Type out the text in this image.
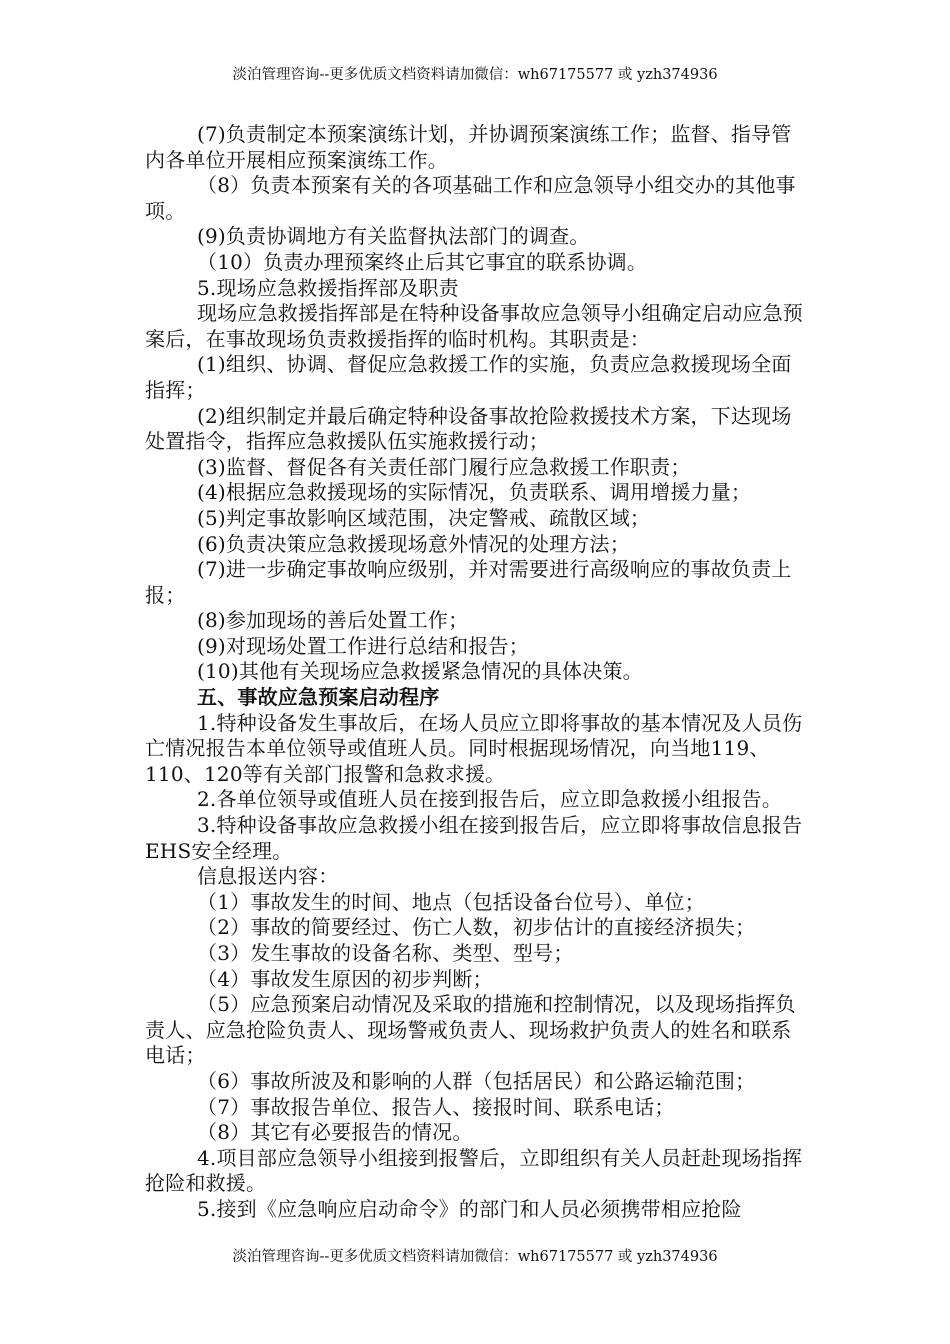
淡泊管理咨询--更多优质文档资料请加微信：wh67175577 或 yzh374936

(7)负责制定本预案演练计划，并协调预案演练工作；监督、指导管内各单位开展相应预案演练工作。

（8）负责本预案有关的各项基础工作和应急领导小组交办的其他事项。

(9)负责协调地方有关监督执法部门的调查。

（10）负责办理预案终止后其它事宜的联系协调。

5.现场应急救援指挥部及职责

现场应急救援指挥部是在特种设备事故应急领导小组确定启动应急预案后，在事故现场负责救援指挥的临时机构。其职责是：

(1)组织、协调、督促应急救援工作的实施，负责应急救援现场全面指挥；

(2)组织制定并最后确定特种设备事故抢险救援技术方案，下达现场处置指令，指挥应急救援队伍实施救援行动；

(3)监督、督促各有关责任部门履行应急救援工作职责；

(4)根据应急救援现场的实际情况，负责联系、调用增援力量；

(5)判定事故影响区域范围，决定警戒、疏散区域；

(6)负责决策应急救援现场意外情况的处理方法；

(7)进一步确定事故响应级别，并对需要进行高级响应的事故负责上报；

(8)参加现场的善后处置工作；

(9)对现场处置工作进行总结和报告；

(10)其他有关现场应急救援紧急情况的具体决策。

五、事故应急预案启动程序

1.特种设备发生事故后，在场人员应立即将事故的基本情况及人员伤亡情况报告本单位领导或值班人员。同时根据现场情况，向当地119、110、120等有关部门报警和急救求援。

2.各单位领导或值班人员在接到报告后，应立即急救援小组报告。

3.特种设备事故应急救援小组在接到报告后，应立即将事故信息报告EHS安全经理。

信息报送内容：

（1）事故发生的时间、地点（包括设备台位号）、单位；

（2）事故的简要经过、伤亡人数，初步估计的直接经济损失；

（3）发生事故的设备名称、类型、型号；

（4）事故发生原因的初步判断；

（5）应急预案启动情况及采取的措施和控制情况，以及现场指挥负责人、应急抢险负责人、现场警戒负责人、现场救护负责人的姓名和联系电话；

（6）事故所波及和影响的人群（包括居民）和公路运输范围；

（7）事故报告单位、报告人、接报时间、联系电话；

（8）其它有必要报告的情况。

4.项目部应急领导小组接到报警后，立即组织有关人员赶赴现场指挥抢险和救援。

5.接到《应急响应启动命令》的部门和人员必须携带相应抢险

淡泊管理咨询--更多优质文档资料请加微信：wh67175577 或 yzh374936
